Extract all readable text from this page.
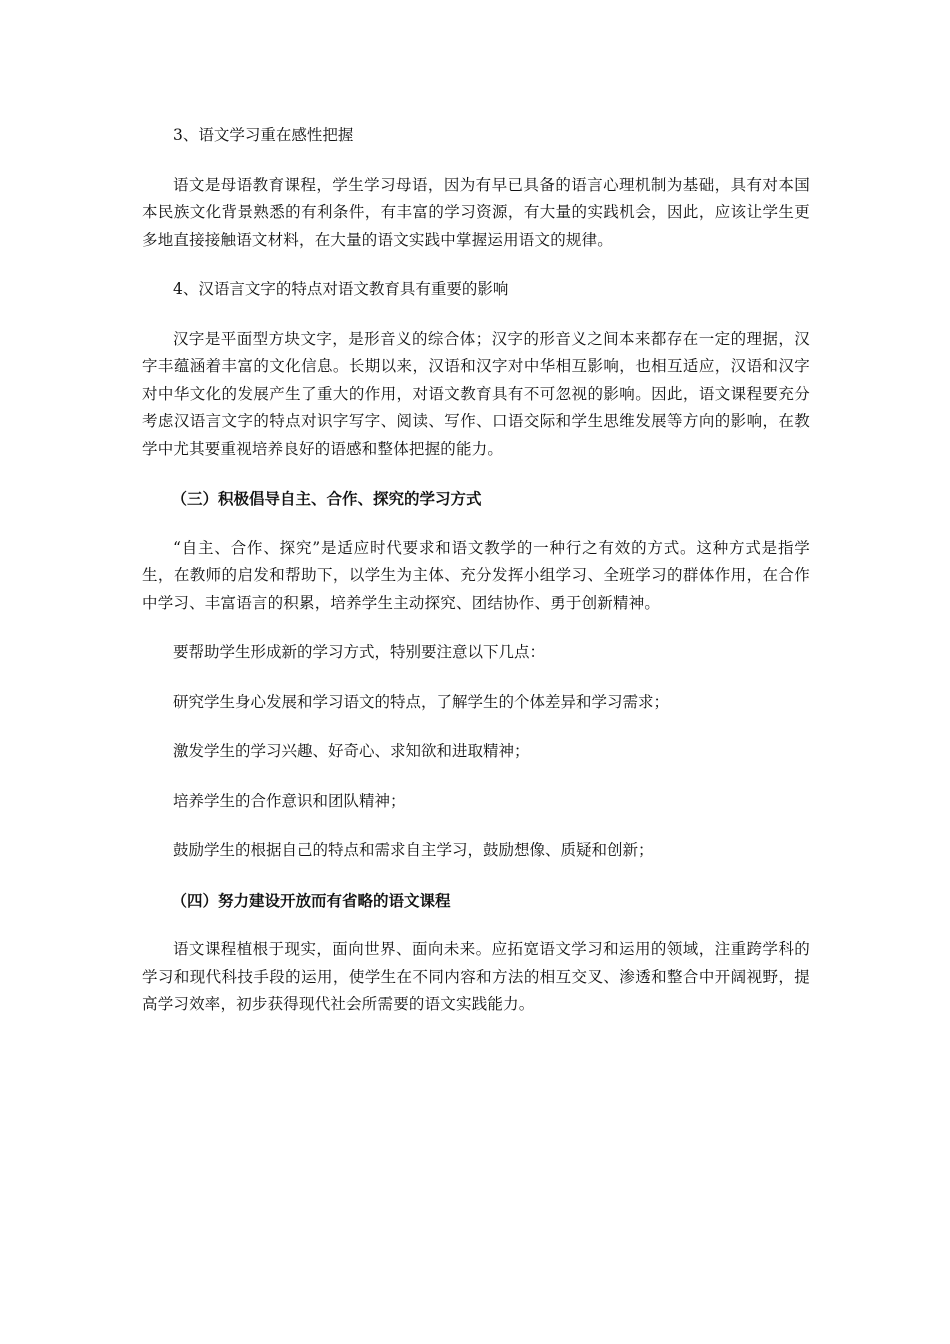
3、语文学习重在感性把握

语文是母语教育课程，学生学习母语，因为有早已具备的语言心理机制为基础，具有对本国本民族文化背景熟悉的有利条件，有丰富的学习资源，有大量的实践机会，因此，应该让学生更多地直接接触语文材料，在大量的语文实践中掌握运用语文的规律。

4、汉语言文字的特点对语文教育具有重要的影响

汉字是平面型方块文字，是形音义的综合体；汉字的形音义之间本来都存在一定的理据，汉字丰蕴涵着丰富的文化信息。长期以来，汉语和汉字对中华相互影响，也相互适应，汉语和汉字对中华文化的发展产生了重大的作用，对语文教育具有不可忽视的影响。因此，语文课程要充分考虑汉语言文字的特点对识字写字、阅读、写作、口语交际和学生思维发展等方向的影响，在教学中尤其要重视培养良好的语感和整体把握的能力。

（三）积极倡导自主、合作、探究的学习方式

“自主、合作、探究”是适应时代要求和语文教学的一种行之有效的方式。这种方式是指学生，在教师的启发和帮助下，以学生为主体、充分发挥小组学习、全班学习的群体作用，在合作中学习、丰富语言的积累，培养学生主动探究、团结协作、勇于创新精神。

要帮助学生形成新的学习方式，特别要注意以下几点：

研究学生身心发展和学习语文的特点，了解学生的个体差异和学习需求；

激发学生的学习兴趣、好奇心、求知欲和进取精神；

培养学生的合作意识和团队精神；

鼓励学生的根据自己的特点和需求自主学习，鼓励想像、质疑和创新；

（四）努力建设开放而有省略的语文课程

语文课程植根于现实，面向世界、面向未来。应拓宽语文学习和运用的领域，注重跨学科的学习和现代科技手段的运用，使学生在不同内容和方法的相互交叉、渗透和整合中开阔视野，提高学习效率，初步获得现代社会所需要的语文实践能力。
